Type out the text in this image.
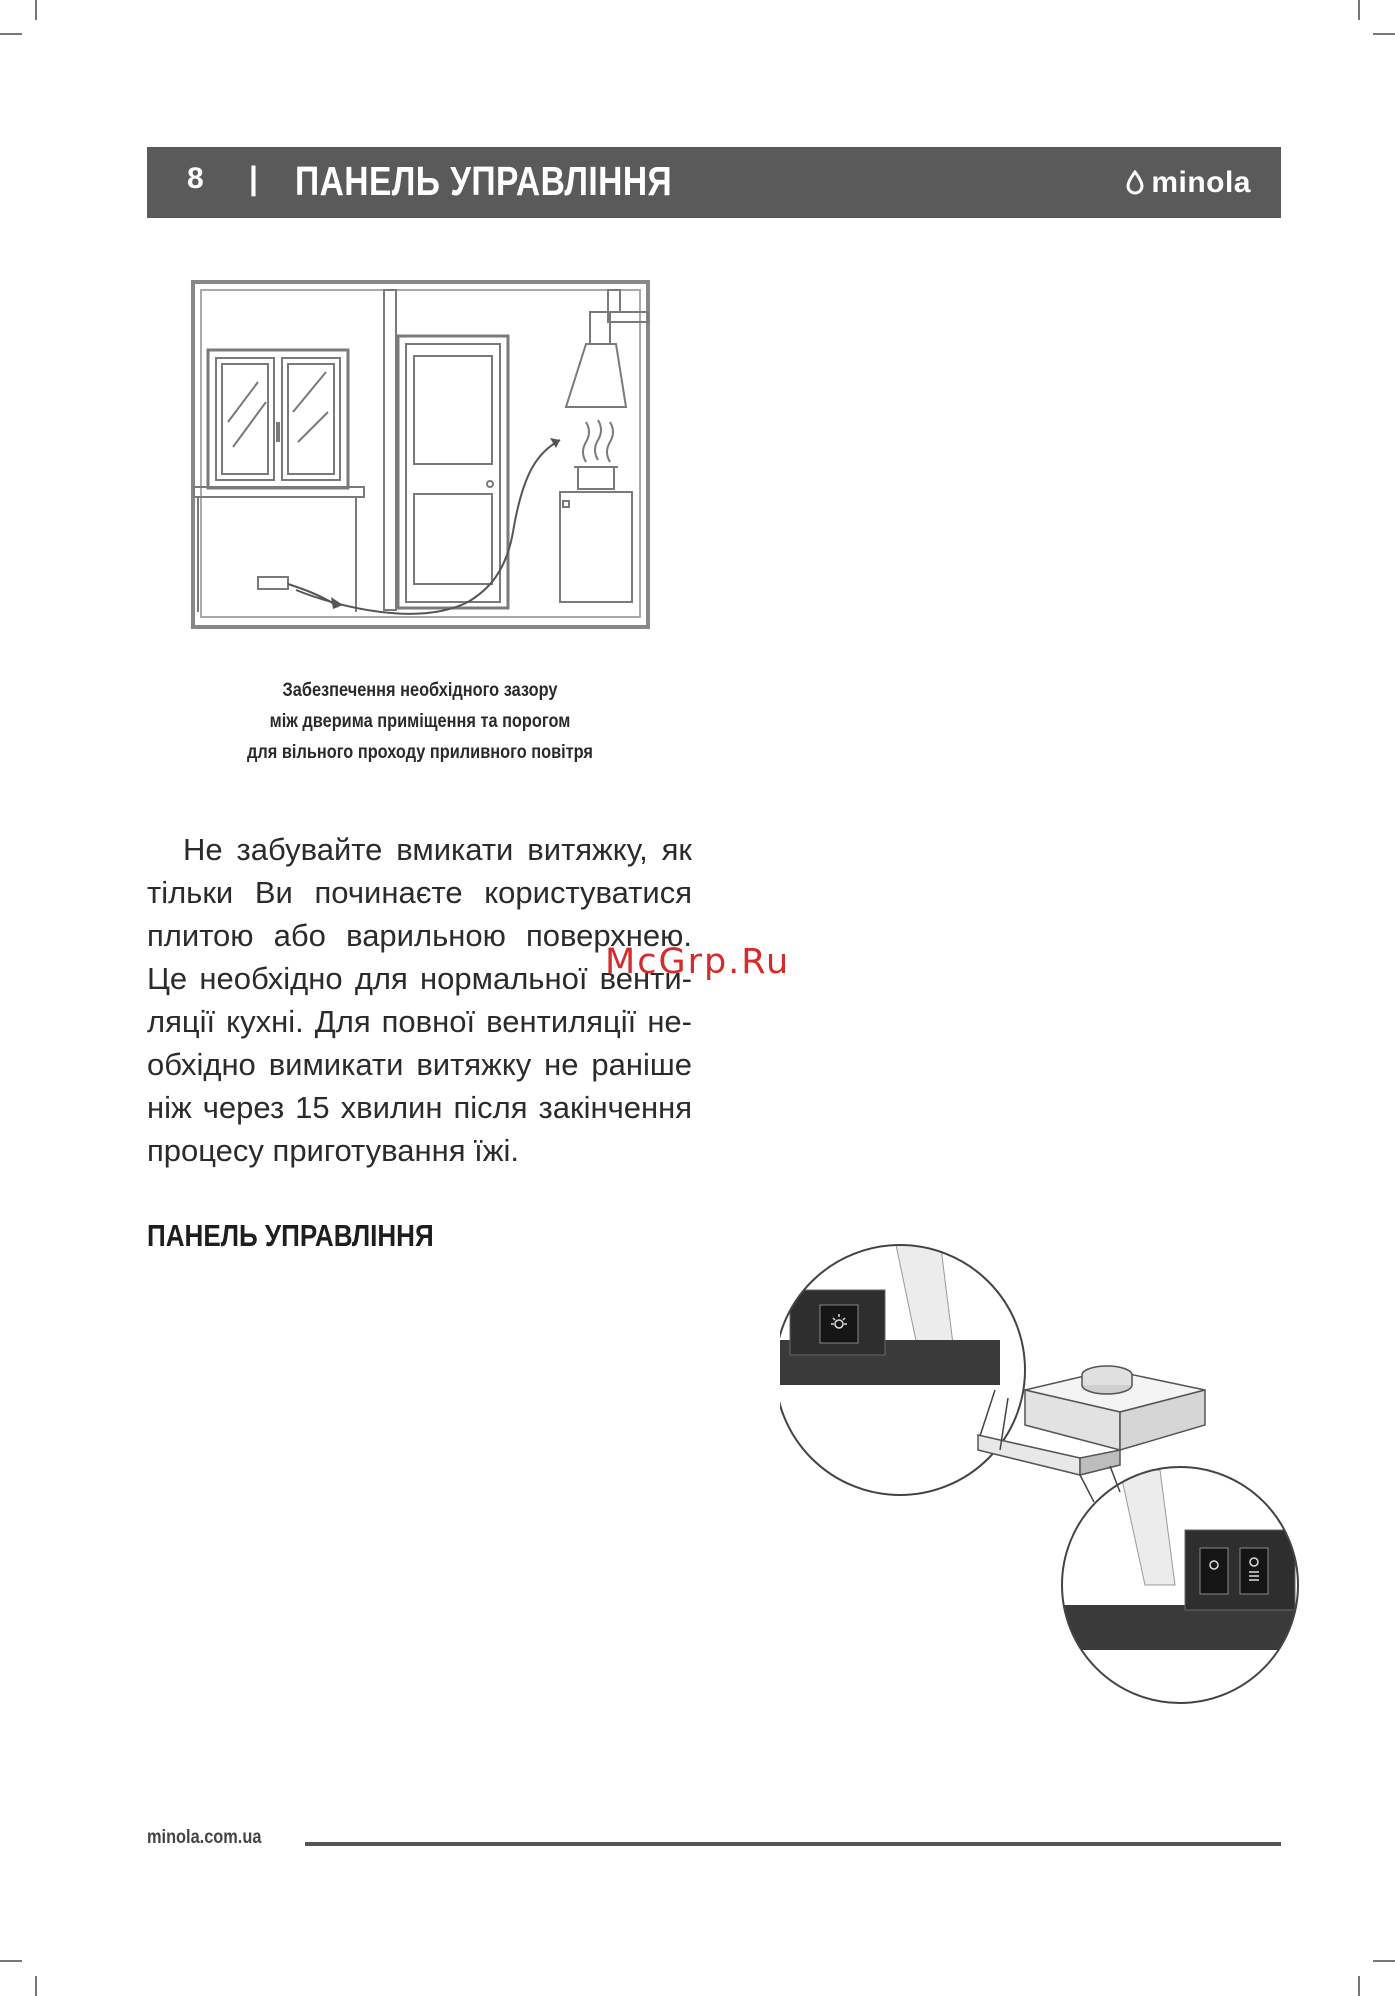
8 | ПАНЕЛЬ УПРАВЛІННЯ	minola
Забезпечення необхідного зазору
між дверима приміщення та порогом
для вільного проходу приливного повітря
Не забувайте вмикати витяжку, як
тільки Ви починаєте користуватися
плитою або варильною поверхнею.
Це необхідно для нормальної венти-
ляції кухні. Для повної вентиляції не-
обхідно вимикати витяжку не раніше
ніж через 15 хвилин після закінчення
процесу приготування їжі.
McGrp.Ru
ПАНЕЛЬ УПРАВЛІННЯ
minola.com.ua
